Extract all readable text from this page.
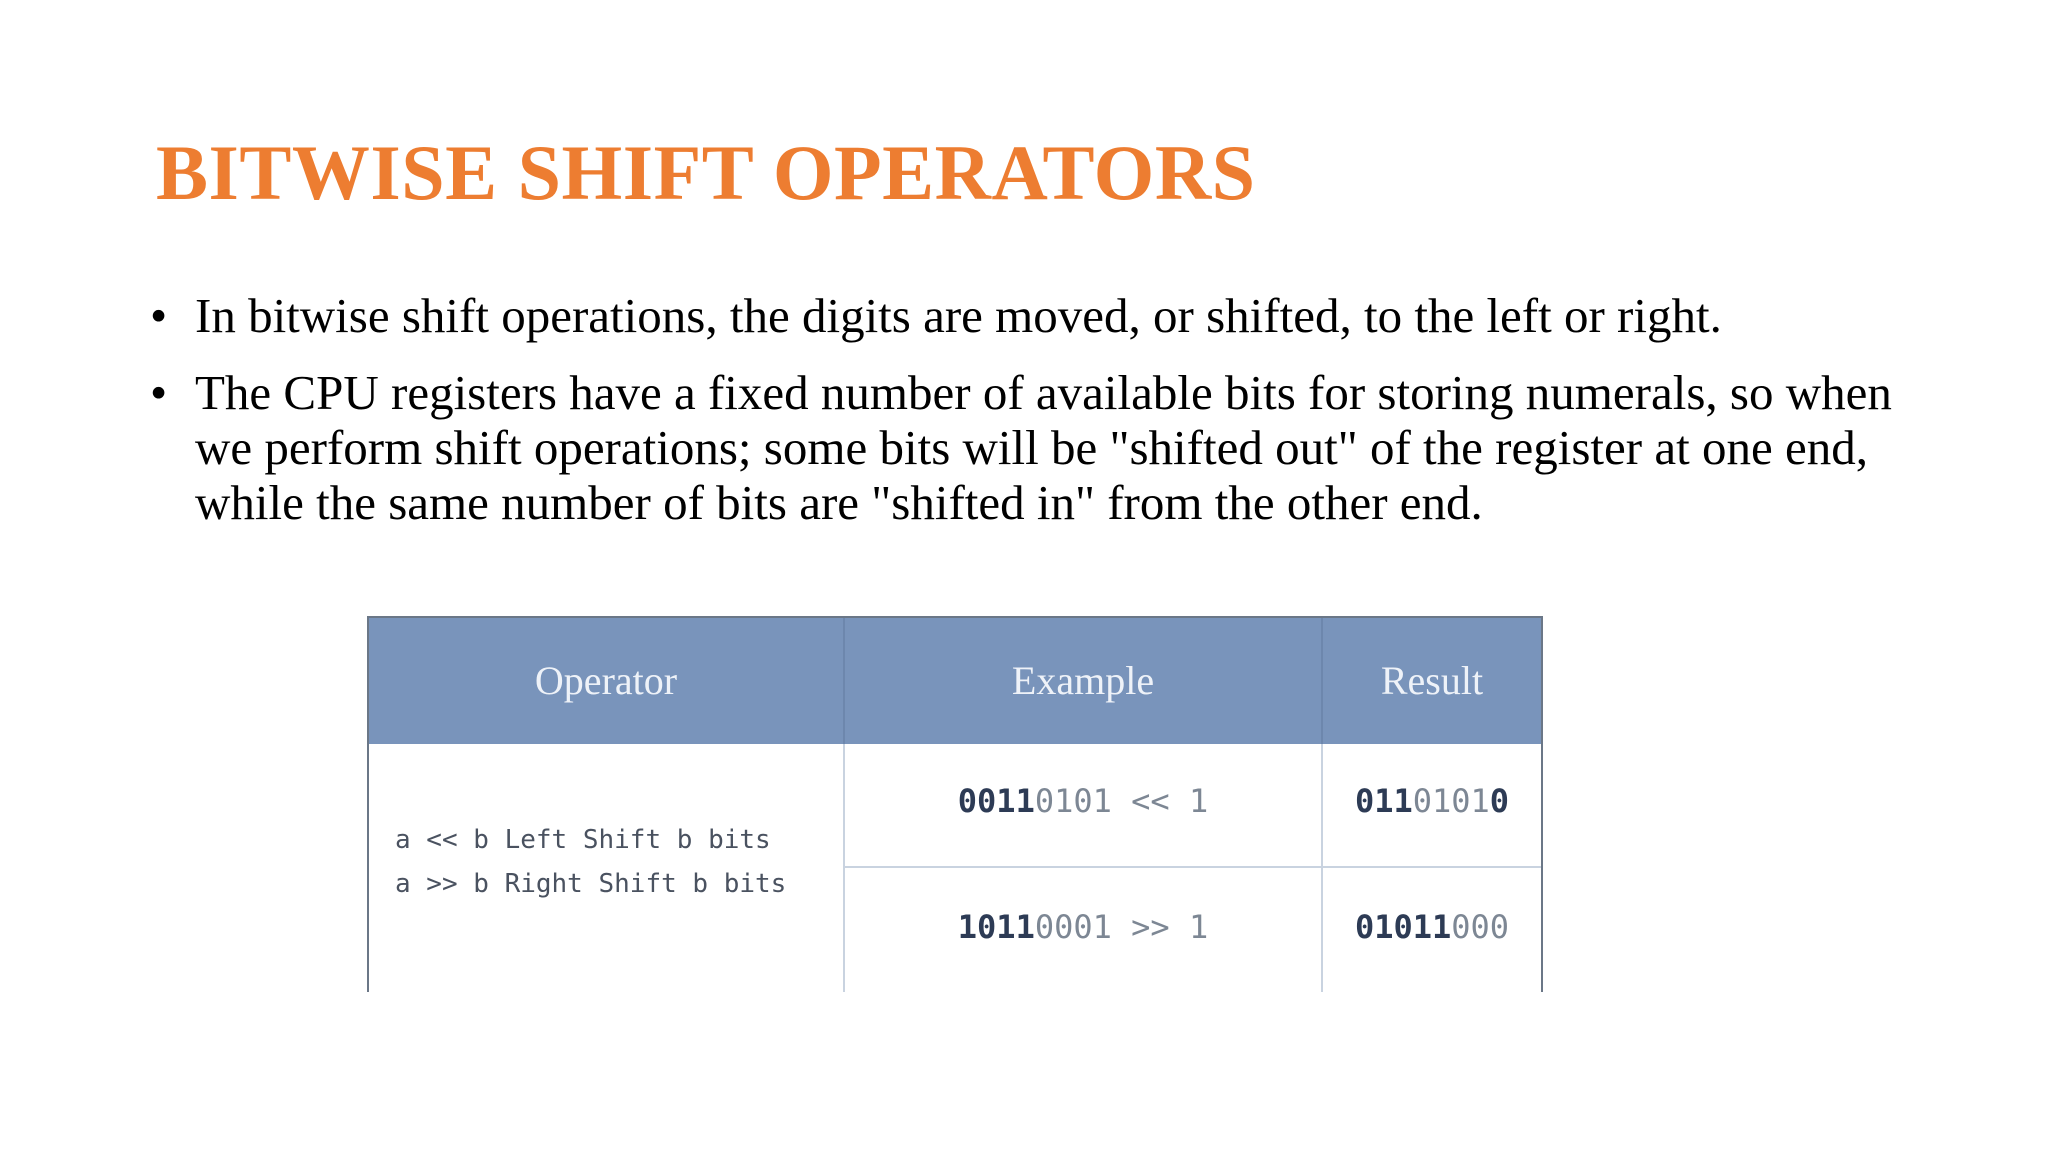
BITWISE SHIFT OPERATORS
• In bitwise shift operations, the digits are moved, or shifted, to the left or right.
• The CPU registers have a fixed number of available bits for storing numerals, so when we perform shift operations; some bits will be "shifted out" of the register at one end, while the same number of bits are "shifted in" from the other end.
Operator	Example	Result
a << b Left Shift b bits
a >> b Right Shift b bits
00110101 << 1	01101010
10110001 >> 1	01011000
